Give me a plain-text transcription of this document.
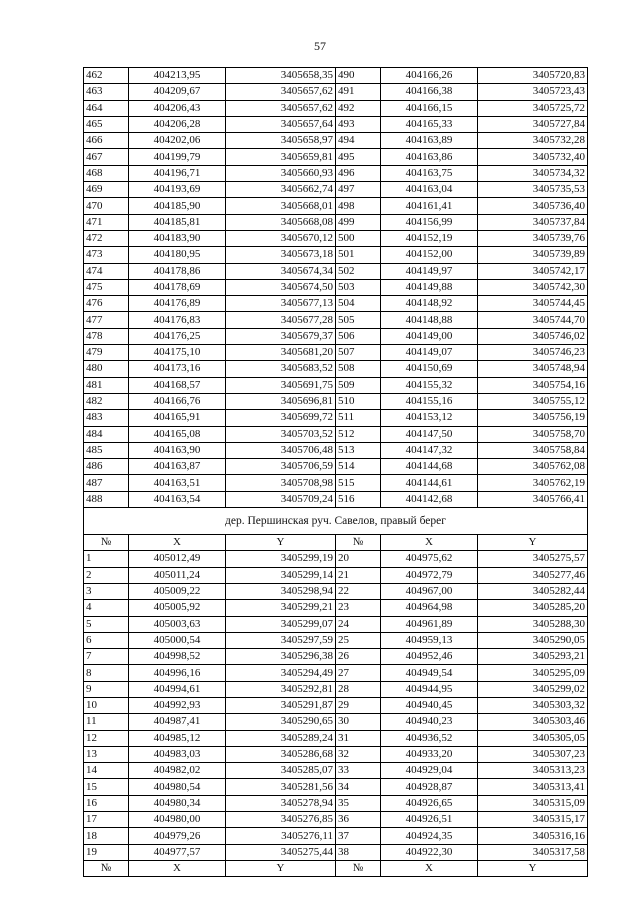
57
462	404213,95	3405658,35	490	404166,26	3405720,83
463	404209,67	3405657,62	491	404166,38	3405723,43
464	404206,43	3405657,62	492	404166,15	3405725,72
465	404206,28	3405657,64	493	404165,33	3405727,84
466	404202,06	3405658,97	494	404163,89	3405732,28
467	404199,79	3405659,81	495	404163,86	3405732,40
468	404196,71	3405660,93	496	404163,75	3405734,32
469	404193,69	3405662,74	497	404163,04	3405735,53
470	404185,90	3405668,01	498	404161,41	3405736,40
471	404185,81	3405668,08	499	404156,99	3405737,84
472	404183,90	3405670,12	500	404152,19	3405739,76
473	404180,95	3405673,18	501	404152,00	3405739,89
474	404178,86	3405674,34	502	404149,97	3405742,17
475	404178,69	3405674,50	503	404149,88	3405742,30
476	404176,89	3405677,13	504	404148,92	3405744,45
477	404176,83	3405677,28	505	404148,88	3405744,70
478	404176,25	3405679,37	506	404149,00	3405746,02
479	404175,10	3405681,20	507	404149,07	3405746,23
480	404173,16	3405683,52	508	404150,69	3405748,94
481	404168,57	3405691,75	509	404155,32	3405754,16
482	404166,76	3405696,81	510	404155,16	3405755,12
483	404165,91	3405699,72	511	404153,12	3405756,19
484	404165,08	3405703,52	512	404147,50	3405758,70
485	404163,90	3405706,48	513	404147,32	3405758,84
486	404163,87	3405706,59	514	404144,68	3405762,08
487	404163,51	3405708,98	515	404144,61	3405762,19
488	404163,54	3405709,24	516	404142,68	3405766,41
дер. Першинская руч. Савелов, правый берег					
№	X	Y	№	X	Y
1	405012,49	3405299,19	20	404975,62	3405275,57
2	405011,24	3405299,14	21	404972,79	3405277,46
3	405009,22	3405298,94	22	404967,00	3405282,44
4	405005,92	3405299,21	23	404964,98	3405285,20
5	405003,63	3405299,07	24	404961,89	3405288,30
6	405000,54	3405297,59	25	404959,13	3405290,05
7	404998,52	3405296,38	26	404952,46	3405293,21
8	404996,16	3405294,49	27	404949,54	3405295,09
9	404994,61	3405292,81	28	404944,95	3405299,02
10	404992,93	3405291,87	29	404940,45	3405303,32
11	404987,41	3405290,65	30	404940,23	3405303,46
12	404985,12	3405289,24	31	404936,52	3405305,05
13	404983,03	3405286,68	32	404933,20	3405307,23
14	404982,02	3405285,07	33	404929,04	3405313,23
15	404980,54	3405281,56	34	404928,87	3405313,41
16	404980,34	3405278,94	35	404926,65	3405315,09
17	404980,00	3405276,85	36	404926,51	3405315,17
18	404979,26	3405276,11	37	404924,35	3405316,16
19	404977,57	3405275,44	38	404922,30	3405317,58
№	X	Y	№	X	Y
